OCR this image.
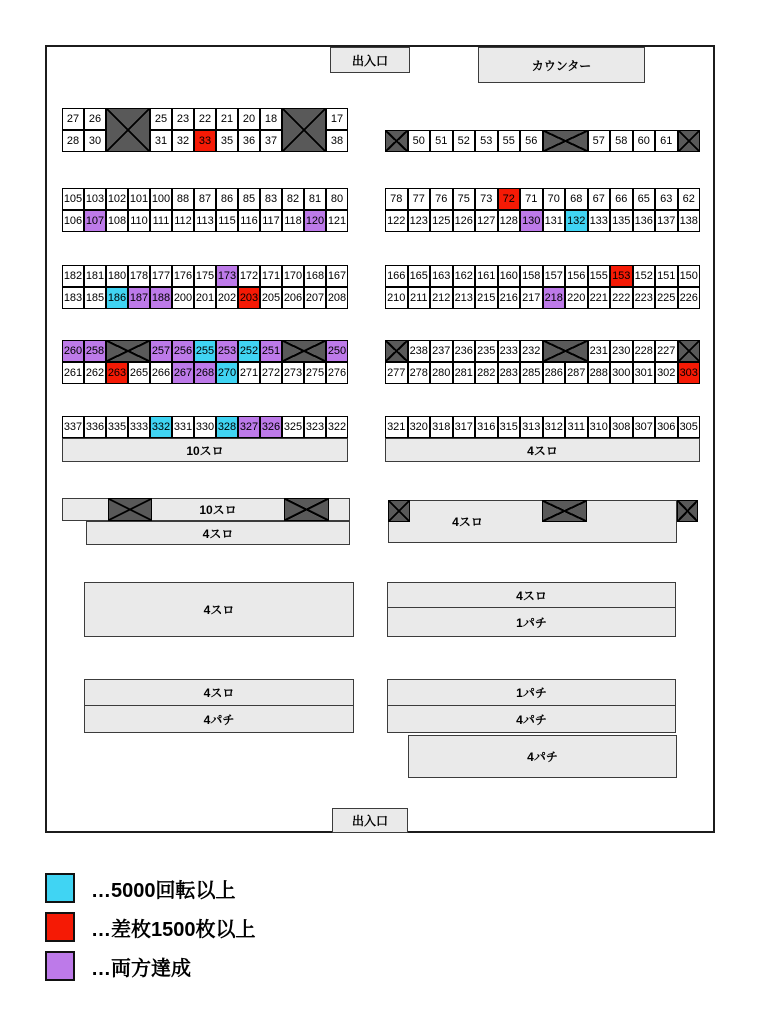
…5000回転以上
…差枚1500枚以上
…両方達成
27 26	25 23 22 21 20 18	17
28 30	31 32 33 35 36 37	38	50 51 52 53 55 56	57 58 60 61
105 103 102 101 100 88 87 86 85 83 82 81 80
106 107 108 110 111 112 113 115 116 117 118 120 121
78 77 76 75 73 72 71 70 68 67 66 65 63 62
122 123 125 126 127 128 130 131 132 133 135 136 137 138
182 181 180 178 177 176 175 173 172 171 170 168 167
183 185 186 187 188 200 201 202 203 205 206 207 208
166 165 163 162 161 160 158 157 156 155 153 152 151 150
210 211 212 213 215 216 217 218 220 221 222 223 225 226
260 258	257 256 255 253 252 251	250
261 262 263 265 266 267 268 270 271 272 273 275 276
238 237 236 235 233 232	231 230 228 227
277 278 280 281 282 283 285 286 287 288 300 301 302 303
337 336 335 333 332 331 330 328 327 326 325 323 322	321 320 318 317 316 315 313 312 311 310 308 307 306 305
出入口	カウンター
10スロ	4スロ
10スロ
4スロ
4スロ
4スロ
4スロ
1パチ
4スロ
4パチ
1パチ
4パチ
4パチ
出入口
